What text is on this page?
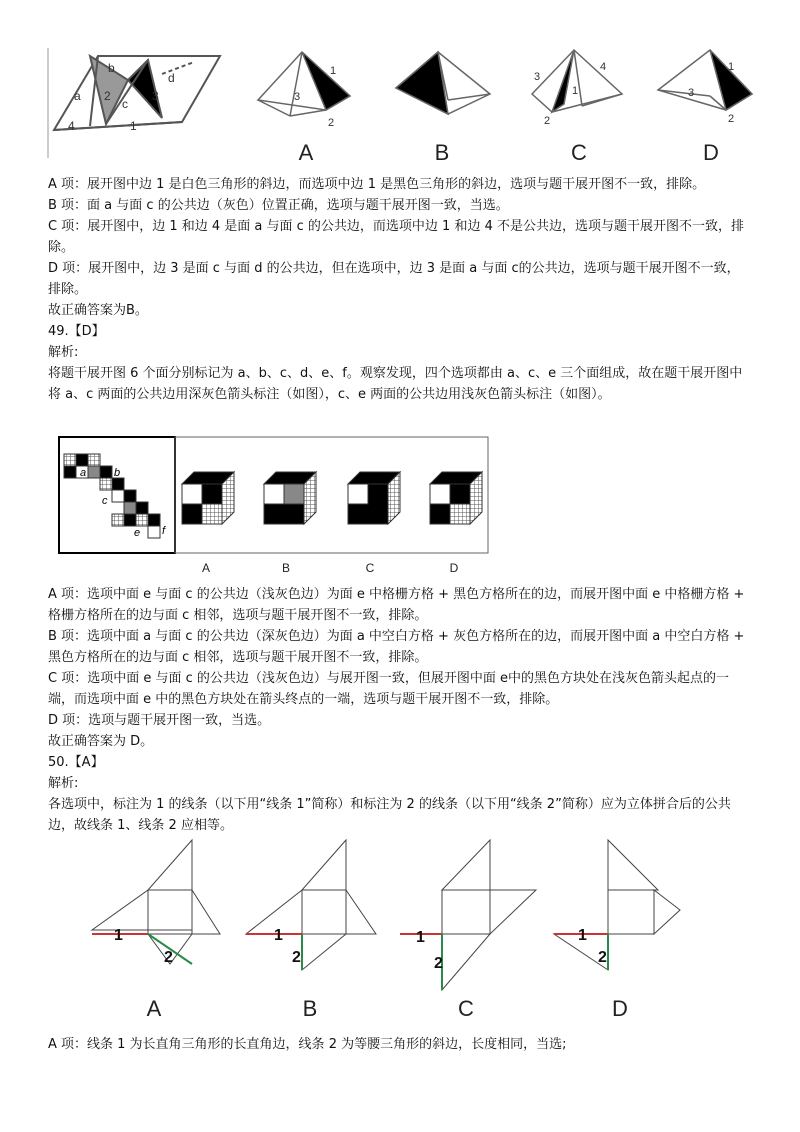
a
b
c
d
2	3
4	1
1
3
2
3
1
4
2
1
3
2
A	B	C	D

A 项：展开图中边 1 是白色三角形的斜边，而选项中边 1 是黑色三角形的斜边，选项与题干展开图不一致，排除。

B 项：面 a 与面 c 的公共边（灰色）位置正确，选项与题干展开图一致，当选。

C 项：展开图中，边 1 和边 4 是面 a 与面 c 的公共边，而选项中边 1 和边 4 不是公共边，选项与题干展开图不一致，排除。

D 项：展开图中，边 3 是面 c 与面 d 的公共边，但在选项中，边 3 是面 a 与面 c的公共边，选项与题干展开图不一致，排除。

故正确答案为B。

49.【D】

解析:

将题干展开图 6 个面分别标记为 a、b、c、d、e、f。观察发现，四个选项都由 a、c、e 三个面组成，故在题干展开图中将 a、c 两面的公共边用深灰色箭头标注（如图），c、e 两面的公共边用浅灰色箭头标注（如图）。

a	b
c d
e f
a	a	a
A	B	C	D

A 项：选项中面 e 与面 c 的公共边（浅灰色边）为面 e 中格栅方格 + 黑色方格所在的边，而展开图中面 e 中格栅方格 + 格栅方格所在的边与面 c 相邻，选项与题干展开图不一致，排除。

B 项：选项中面 a 与面 c 的公共边（深灰色边）为面 a 中空白方格 + 灰色方格所在的边，而展开图中面 a 中空白方格 + 黑色方格所在的边与面 c 相邻，选项与题干展开图不一致，排除。

C 项：选项中面 e 与面 c 的公共边（浅灰色边）与展开图一致，但展开图中面 e中的黑色方块处在浅灰色箭头起点的一端，而选项中面 e 中的黑色方块处在箭头终点的一端，选项与题干展开图不一致，排除。

D 项：选项与题干展开图一致，当选。

故正确答案为 D。

50.【A】

解析:

各选项中，标注为 1 的线条（以下用“线条 1”简称）和标注为 2 的线条（以下用“线条 2”简称）应为立体拼合后的公共边，故线条 1、线条 2 应相等。

1
2
1
2
1
2
1
2
A	B	C	D

A 项：线条 1 为长直角三角形的长直角边，线条 2 为等腰三角形的斜边，长度相同，当选;
